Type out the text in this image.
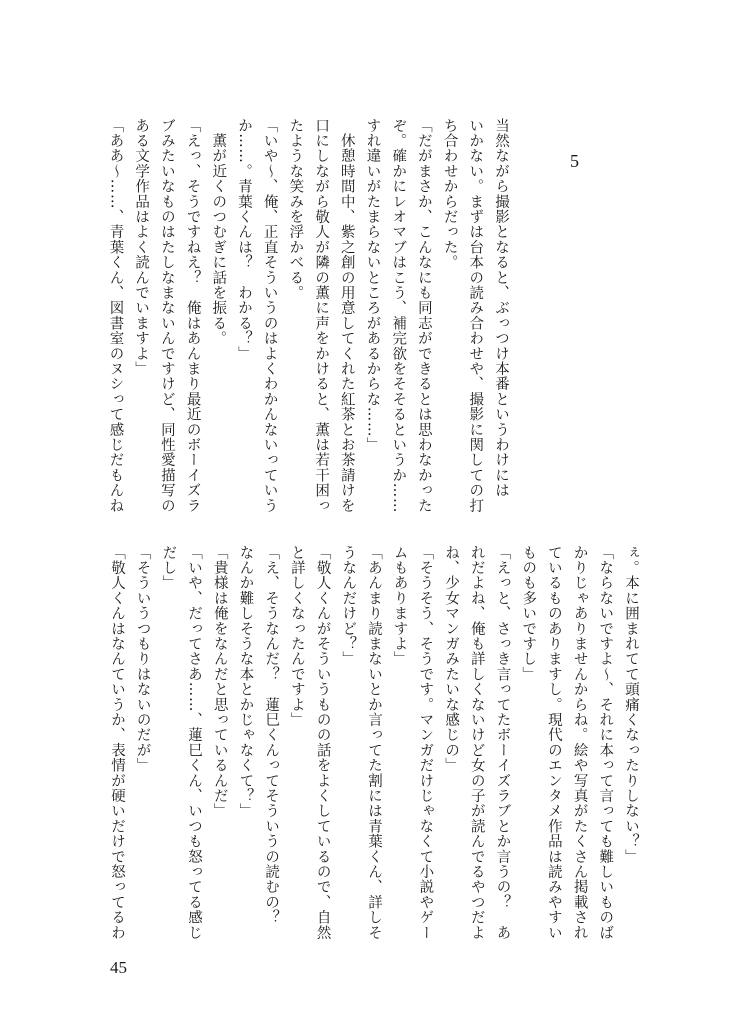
5
当然ながら撮影となると、ぶっつけ本番というわけには
いかない。まずは台本の読み合わせや、撮影に関しての打
ち合わせからだった。
「だがまさか、こんなにも同志ができるとは思わなかった
ぞ。確かにレオマブはこう、補完欲をそそるというか……
すれ違いがたまらないところがあるからな……」
　休憩時間中、紫之創の用意してくれた紅茶とお茶請けを
口にしながら敬人が隣の薫に声をかけると、薫は若干困っ
たような笑みを浮かべる。
「いや～、俺、正直そういうのはよくわかんないっていう
か……。青葉くんは？　わかる？」
　薫が近くのつむぎに話を振る。
「えっ、そうですねえ？　俺はあんまり最近のボーイズラ
ブみたいなものはたしなまないんですけど、同性愛描写の
ある文学作品はよく読んでいますよ」
「ああ～……、青葉くん、図書室のヌシって感じだもんね
ぇ。本に囲まれてて頭痛くなったりしない？」
「ならないですよ～、それに本って言っても難しいものば
かりじゃありませんからね。絵や写真がたくさん掲載され
ているものありますし。現代のエンタメ作品は読みやすい
ものも多いですし」
「えっと、さっき言ってたボーイズラブとか言うの？　あ
れだよね、俺も詳しくないけど女の子が読んでるやつだよ
ね、少女マンガみたいな感じの」
「そうそう、そうです。マンガだけじゃなくて小説やゲー
ムもありますよ」
「あんまり読まないとか言ってた割には青葉くん、詳しそ
うなんだけど？」
「敬人くんがそういうものの話をよくしているので、自然
と詳しくなったんですよ」
「え、そうなんだ？　蓮巳くんってそういうの読むの？
なんか難しそうな本とかじゃなくて？」
「貴様は俺をなんだと思っているんだ」
「いや、だってさあ……、蓮巳くん、いつも怒ってる感じ
だし」
「そういうつもりはないのだが」
「敬人くんはなんていうか、表情が硬いだけで怒ってるわ
45
